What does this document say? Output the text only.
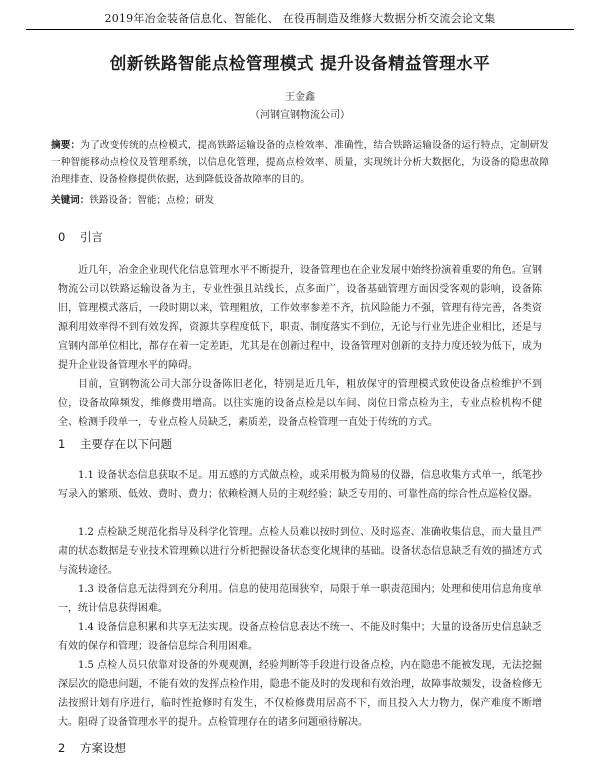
2019年冶金装备信息化、智能化、 在役再制造及维修大数据分析交流会论文集
创新铁路智能点检管理模式 提升设备精益管理水平
王金鑫
（河钢宣钢物流公司）
摘要：为了改变传统的点检模式，提高铁路运输设备的点检效率、准确性，结合铁路运输设备的运行特点，定制研发一种智能移动点检仪及管理系统，以信息化管理，提高点检效率、质量，实现统计分析大数据化，为设备的隐患故障治理排查、设备检修提供依据，达到降低设备故障率的目的。
关键词：铁路设备；智能；点检；研发
0 引言

近几年，冶金企业现代化信息管理水平不断提升，设备管理也在企业发展中始终扮演着重要的角色。宣钢物流公司以铁路运输设备为主，专业性强且站线长，点多面广，设备基础管理方面因受客观的影响，设备陈旧，管理模式落后，一段时期以来，管理粗放，工作效率参差不齐，抗风险能力不强，管理有待完善，各类资源利用效率得不到有效发挥，资源共享程度低下，职责、制度落实不到位，无论与行业先进企业相比，还是与宣钢内部单位相比，都存在着一定差距，尤其是在创新过程中，设备管理对创新的支持力度还较为低下，成为提升企业设备管理水平的障碍。

目前，宣钢物流公司大部分设备陈旧老化，特别是近几年，粗放保守的管理模式致使设备点检维护不到位，设备故障频发，维修费用增高。以往实施的设备点检是以车间、岗位日常点检为主，专业点检机构不健全、检测手段单一，专业点检人员缺乏，素质差，设备点检管理一直处于传统的方式。

1 主要存在以下问题

1.1 设备状态信息获取不足。用五感的方式做点检，或采用极为简易的仪器，信息收集方式单一，纸笔抄写录入的繁琐、低效、费时、费力；依赖检测人员的主观经验；缺乏专用的、可靠性高的综合性点巡检仪器。

1.2 点检缺乏规范化指导及科学化管理。点检人员难以按时到位、及时巡查、准确收集信息，而大量且严肃的状态数据是专业技术管理赖以进行分析把握设备状态变化规律的基础。设备状态信息缺乏有效的描述方式与流转途径。

1.3 设备信息无法得到充分利用。信息的使用范围狭窄，局限于单一职责范围内；处理和使用信息角度单一，统计信息获得困难。

1.4 设备信息积累和共享无法实现。设备点检信息表达不统一、不能及时集中；大量的设备历史信息缺乏有效的保存和管理；设备信息综合利用困难。

1.5 点检人员只依靠对设备的外观观测，经验判断等手段进行设备点检，内在隐患不能被发现，无法挖掘深层次的隐患问题，不能有效的发挥点检作用，隐患不能及时的发现和有效治理，故障事故频发，设备检修无法按照计划有序进行，临时性抢修时有发生，不仅检修费用居高不下，而且投入大力物力，保产难度不断增大。阻碍了设备管理水平的提升。点检管理存在的诸多问题亟待解决。

2 方案设想
